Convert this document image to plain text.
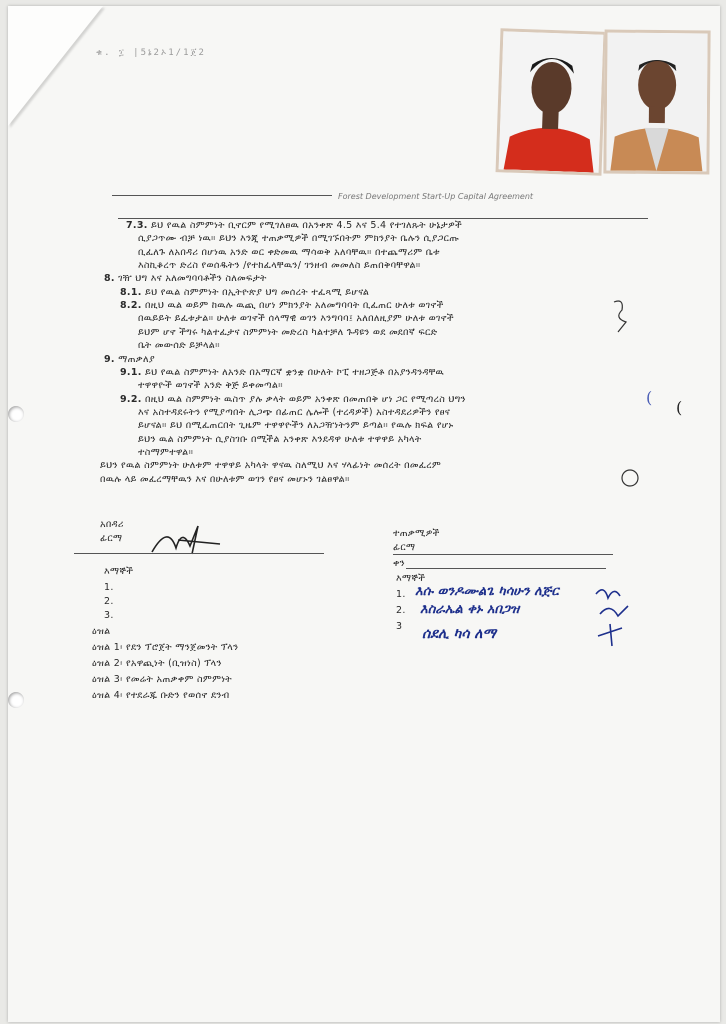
ቁ. ፲ |5ኔ2ኦ1/1ጀ2
Forest Development Start-Up Capital Agreement
7.3. ይህ የዉል ስምምነት ቢኖርም የሚገለፀዉ በአንቀጽ 4.5 እና 5.4 የተገለጹት ሁኔታዎች
ሲያጋጥሙ ብቻ ነዉ። ይህን እንጂ ተጠቃሚዎች በሚገኙበትም ምክንያት ቤሉን ሲያጋርጡ
ቢፈለጉ ለአበዳሪ በሆነዉ አንድ ወር ቀድመዉ ማሳወቅ አለባቸዉ። በተጨማሪም ቤቱ
እስኪቆረጥ ድረስ የወሰዱትን /የተከፈላቸዉን/ ገንዘብ መመለስ ይጠበቅባቸዋል።
8. ገዥ ህግ እና አለመግባባቶችን ስለመፍታት
8.1. ይህ የዉል ስምምነት በኢትዮጵያ ህግ መሰረት ተፈጻሚ ይሆናል
8.2. በዚህ ዉል ወይም ከዉሉ ዉጪ በሆነ ምክንያት አለመግባባት ቢፈጠር ሁለቱ ወገኖች
በዉይይት ይፈቱታል። ሁለቱ ወገኖች ሰላማዊ ወገን እንግባባ፤ አለበለዚያም ሁለቱ ወገኖች
ይህም ሆኖ ችግሩ ካልተፈታና ስምምነት መድረስ ካልተቻለ ጉዳዩን ወደ መደበኛ ፍርድ
ቤት መውሰድ ይቻላል።
9. ማጠቃለያ
9.1. ይህ የዉል ስምምነት ለአንድ በአማርኛ ቋንቋ በሁለት ኮፒ ተዘጋጅቶ በአያንዳንዳቸዉ
ተዋዋዮች ወገኖች አንድ ቅጅ ይቀመጣል።
9.2. በዚህ ዉል ስምምነት ዉስጥ ያሉ ቃላት ወይም አንቀጽ በመጠበቅ ሆነ ጋር የሚጣረስ ህግን
እና አስተዳደሩትን የሚያጣበት ሊጋጭ በፊጠር ሌሎች (ተረዳዎች) አስተዳደሪዎችን የፀና
ይሆናል። ይህ በሚፈጠርበት ጊዜም ተዋዋዮችን ለአጋዥነትንም ይጣል። የዉሉ ክፍል የሆኑ
ይህን ዉል ስምምነት ሲያስገቡ በሚችል አንቀጽ እንደዳዋ ሁለቱ ተዋዋይ አካላት
ተስማምተዋል።
ይህን የዉል ስምምነት ሁለቱም ተዋዋይ አካላት ዋናዉ ስለሚህ እና ሃላፊነት መሰረት በመፈረም
በዉሉ ላይ መፈረማቸዉን እና በሁለቱም ወገን የፀና መሆኑን ገልፀዋል።
አበዳሪ
ፊርማ
እማኞች
1.
2.
3.
ተጠቃሚዎች
ፊርማ
ቀን
እማኞች
1.
2.
3
እሱ ወንዶሙልጌ ካሳሁን ለጅር
እስራኤል ቀኑ አበጋዝ
ሰደሊ ካሳ ለማ
ዕዝል
ዕዝል 1፡ የደን ፕሮጀት ማንጀመንት ፕላን
ዕዝል 2፡ የአዋጪነት (ቢዝነስ) ፕላን
ዕዝል 3፡ የመሬት አጠቃቀም ስምምነት
ዕዝል 4፡ የተደራጁ ቡድን የወሰኖ ደንብ
(
(
